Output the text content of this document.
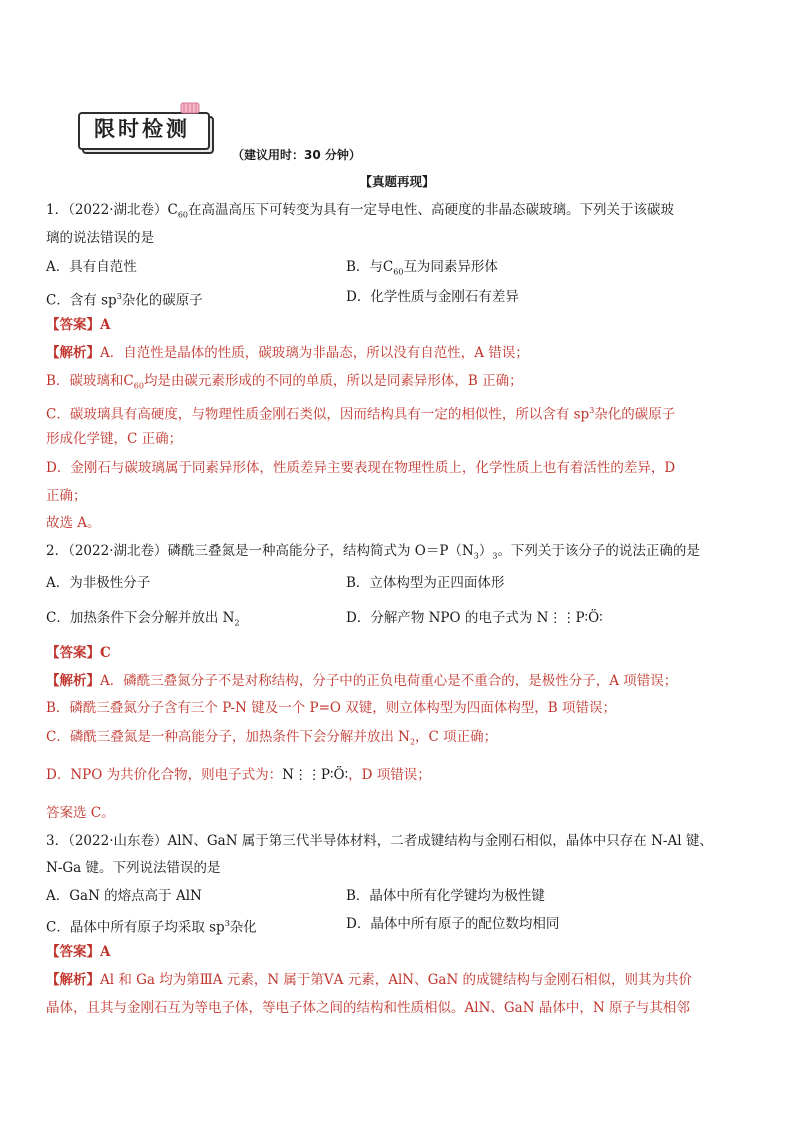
限时检测
（建议用时：30 分钟）
【真题再现】
1．（2022·湖北卷）$C_{60}$在高温高压下可转变为具有一定导电性、高硬度的非晶态碳玻璃。下列关于该碳玻
璃的说法错误的是
A．具有自范性	B．与$C_{60}$互为同素异形体
C．含有 $sp^3$杂化的碳原子	D．化学性质与金刚石有差异
【答案】A
【解析】A．自范性是晶体的性质，碳玻璃为非晶态，所以没有自范性，A 错误；
B．碳玻璃和$C_{60}$均是由碳元素形成的不同的单质，所以是同素异形体，B 正确；
C．碳玻璃具有高硬度，与物理性质金刚石类似，因而结构具有一定的相似性，所以含有 $sp^3$杂化的碳原子
形成化学键，C 正确；
D．金刚石与碳玻璃属于同素异形体，性质差异主要表现在物理性质上，化学性质上也有着活性的差异，D
正确；
故选 A。
2．（2022·湖北卷）磷酰三叠氮是一种高能分子，结构简式为 $O=P(N_3)_3$。下列关于该分子的说法正确的是
A．为非极性分子	B．立体构型为正四面体形
C．加热条件下会分解并放出 $N_2$	D．分解产物 NPO 的电子式为 N⋮⋮P∶Ö∶
【答案】C
【解析】A．磷酰三叠氮分子不是对称结构，分子中的正负电荷重心是不重合的，是极性分子，A 项错误；
B．磷酰三叠氮分子含有三个 P-N 键及一个 P=O 双键，则立体构型为四面体构型，B 项错误；
C．磷酰三叠氮是一种高能分子，加热条件下会分解并放出 $N_2$，C 项正确；
D．NPO 为共价化合物，则电子式为：N⋮⋮P∶Ö∶，D 项错误；
答案选 C。
3．（2022·山东卷）AlN、GaN 属于第三代半导体材料，二者成键结构与金刚石相似，晶体中只存在 N-Al 键、
N-Ga 键。下列说法错误的是
A．GaN 的熔点高于 AlN	B．晶体中所有化学键均为极性键
C．晶体中所有原子均采取 $sp^3$杂化	D．晶体中所有原子的配位数均相同
【答案】A
【解析】Al 和 Ga 均为第ⅢA 元素，N 属于第ⅤA 元素，AlN、GaN 的成键结构与金刚石相似，则其为共价
晶体，且其与金刚石互为等电子体，等电子体之间的结构和性质相似。AlN、GaN 晶体中，N 原子与其相邻
